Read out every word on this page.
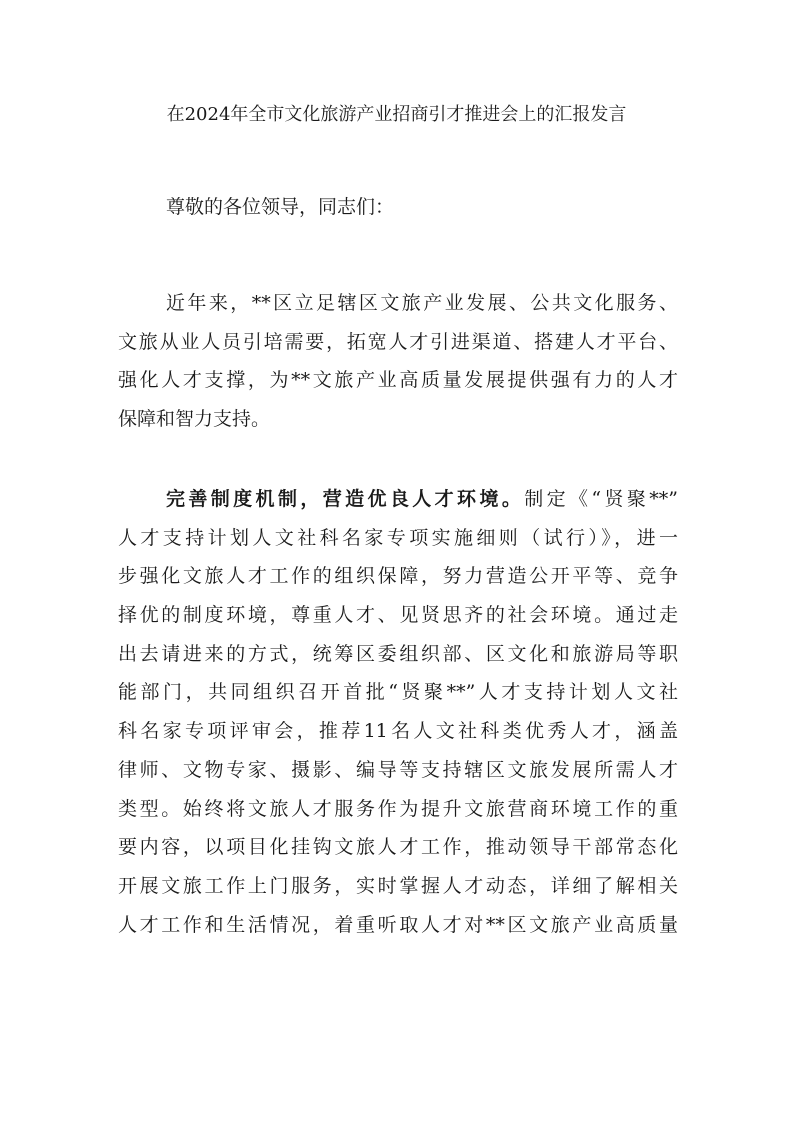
在2024年全市文化旅游产业招商引才推进会上的汇报发言
尊敬的各位领导，同志们：
近年来，**区立足辖区文旅产业发展、公共文化服务、
文旅从业人员引培需要，拓宽人才引进渠道、搭建人才平台、
强化人才支撑，为**文旅产业高质量发展提供强有力的人才
保障和智力支持。
完善制度机制，营造优良人才环境。制定《“贤聚**”
人才支持计划人文社科名家专项实施细则（试行）》，进一
步强化文旅人才工作的组织保障，努力营造公开平等、竞争
择优的制度环境，尊重人才、见贤思齐的社会环境。通过走
出去请进来的方式，统筹区委组织部、区文化和旅游局等职
能部门，共同组织召开首批“贤聚**”人才支持计划人文社
科名家专项评审会，推荐11名人文社科类优秀人才，涵盖
律师、文物专家、摄影、编导等支持辖区文旅发展所需人才
类型。始终将文旅人才服务作为提升文旅营商环境工作的重
要内容，以项目化挂钩文旅人才工作，推动领导干部常态化
开展文旅工作上门服务，实时掌握人才动态，详细了解相关
人才工作和生活情况，着重听取人才对**区文旅产业高质量
